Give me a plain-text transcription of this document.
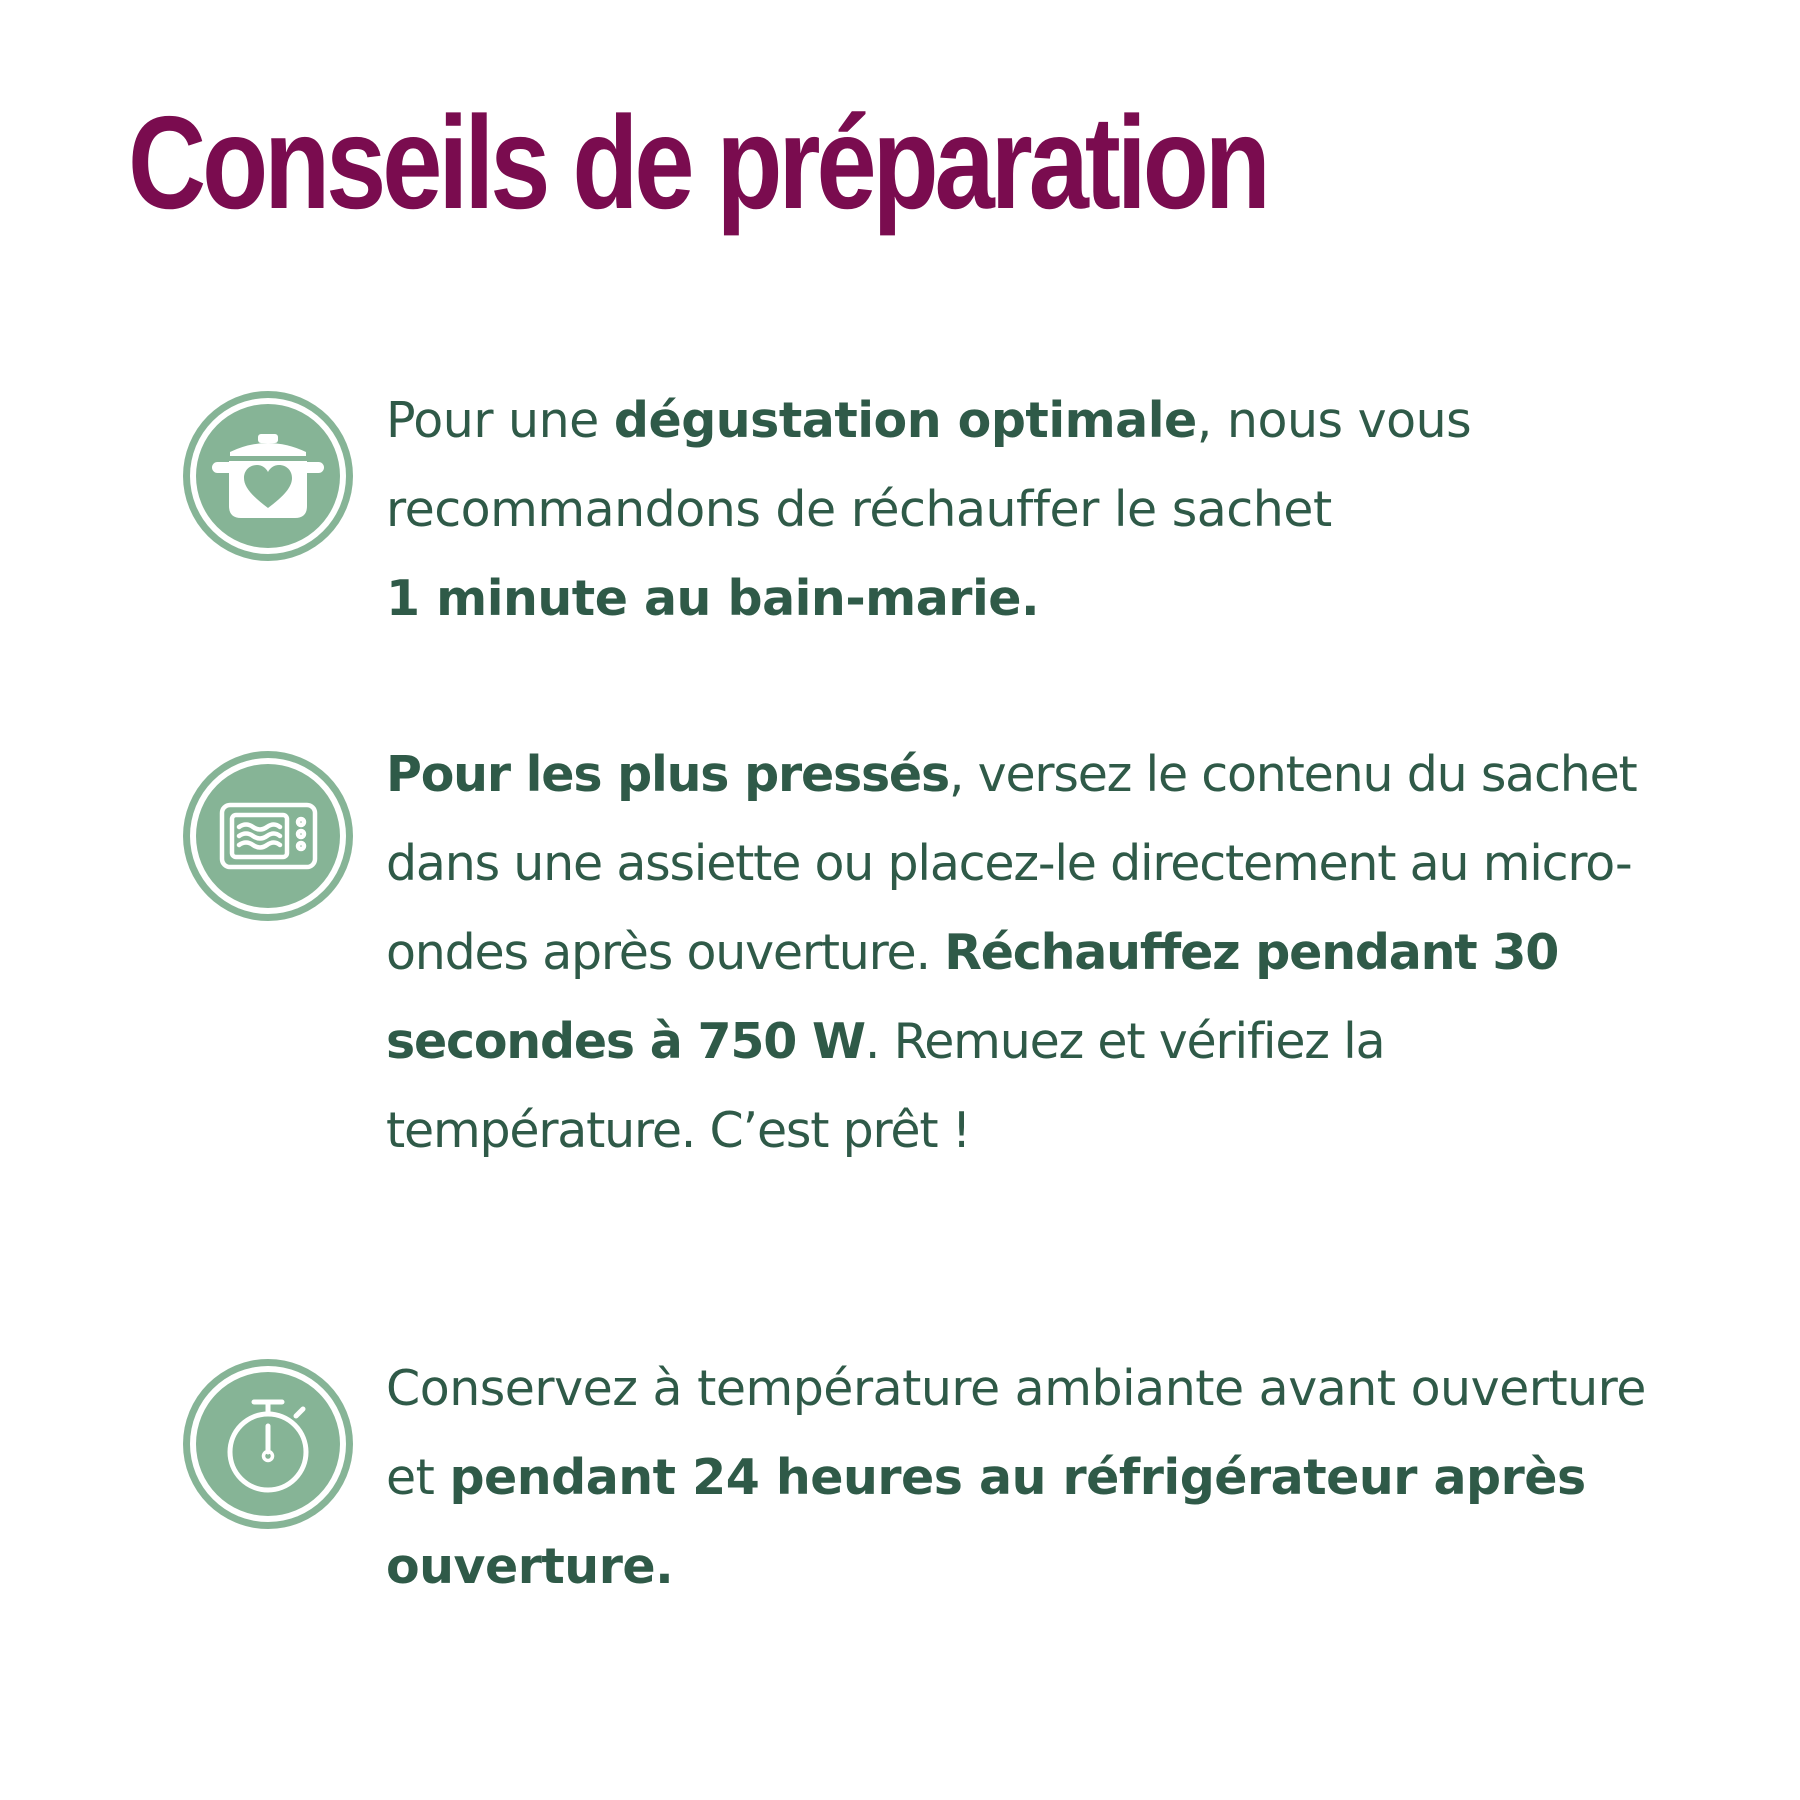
Conseils de préparation

Pour une dégustation optimale, nous vous recommandons de réchauffer le sachet
1 minute au bain-marie.

Pour les plus pressés, versez le contenu du sachet dans une assiette ou placez-le directement au micro-ondes après ouverture. Réchauffez pendant 30 secondes à 750 W. Remuez et vérifiez la température. C’est prêt !

Conservez à température ambiante avant ouverture et pendant 24 heures au réfrigérateur après ouverture.
